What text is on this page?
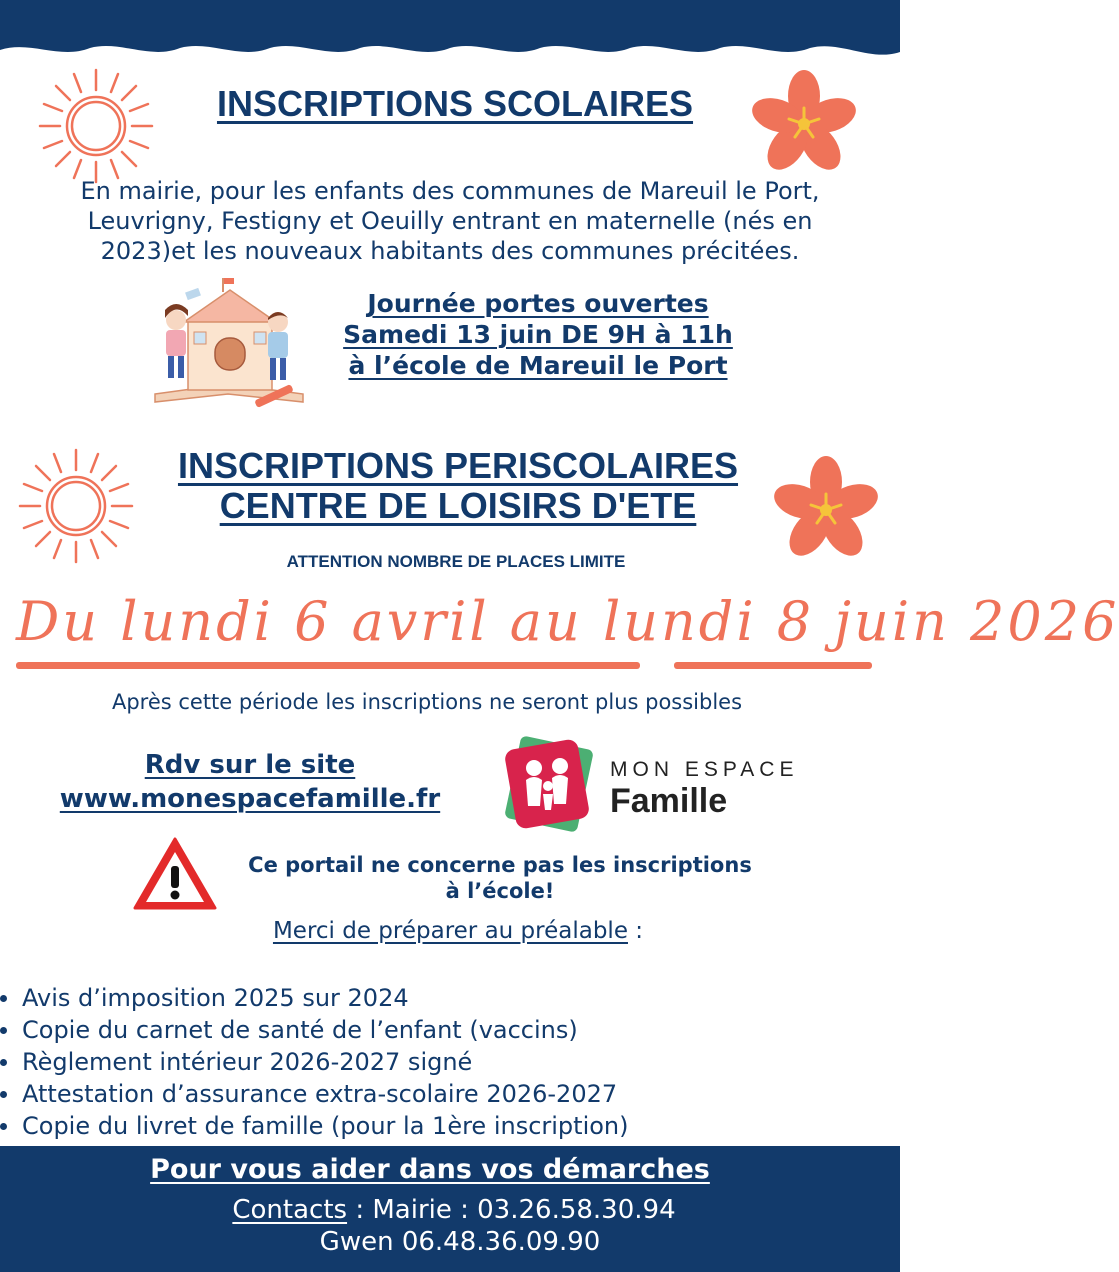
INSCRIPTIONS SCOLAIRES
En mairie, pour les enfants des communes de Mareuil le Port,
Leuvrigny, Festigny et Oeuilly entrant en maternelle (nés en
2023)et les nouveaux habitants des communes précitées.
Journée portes ouvertes
Samedi 13 juin DE 9H à 11h
à l’école de Mareuil le Port
INSCRIPTIONS PERISCOLAIRES
CENTRE DE LOISIRS D'ETE
ATTENTION NOMBRE DE PLACES LIMITE
Du lundi 6 avril au lundi 8 juin 2026
Après cette période les inscriptions ne seront plus possibles
Rdv sur le site
www.monespacefamille.fr
MON ESPACE
Famille
Ce portail ne concerne pas les inscriptions
à l’école!
Merci de préparer au préalable :
Avis d’imposition 2025 sur 2024
Copie du carnet de santé de l’enfant (vaccins)
Règlement intérieur 2026-2027 signé
Attestation d’assurance extra-scolaire 2026-2027
Copie du livret de famille (pour la 1ère inscription)
Pour vous aider dans vos démarches
Contacts : Mairie : 03.26.58.30.94
Gwen 06.48.36.09.90
